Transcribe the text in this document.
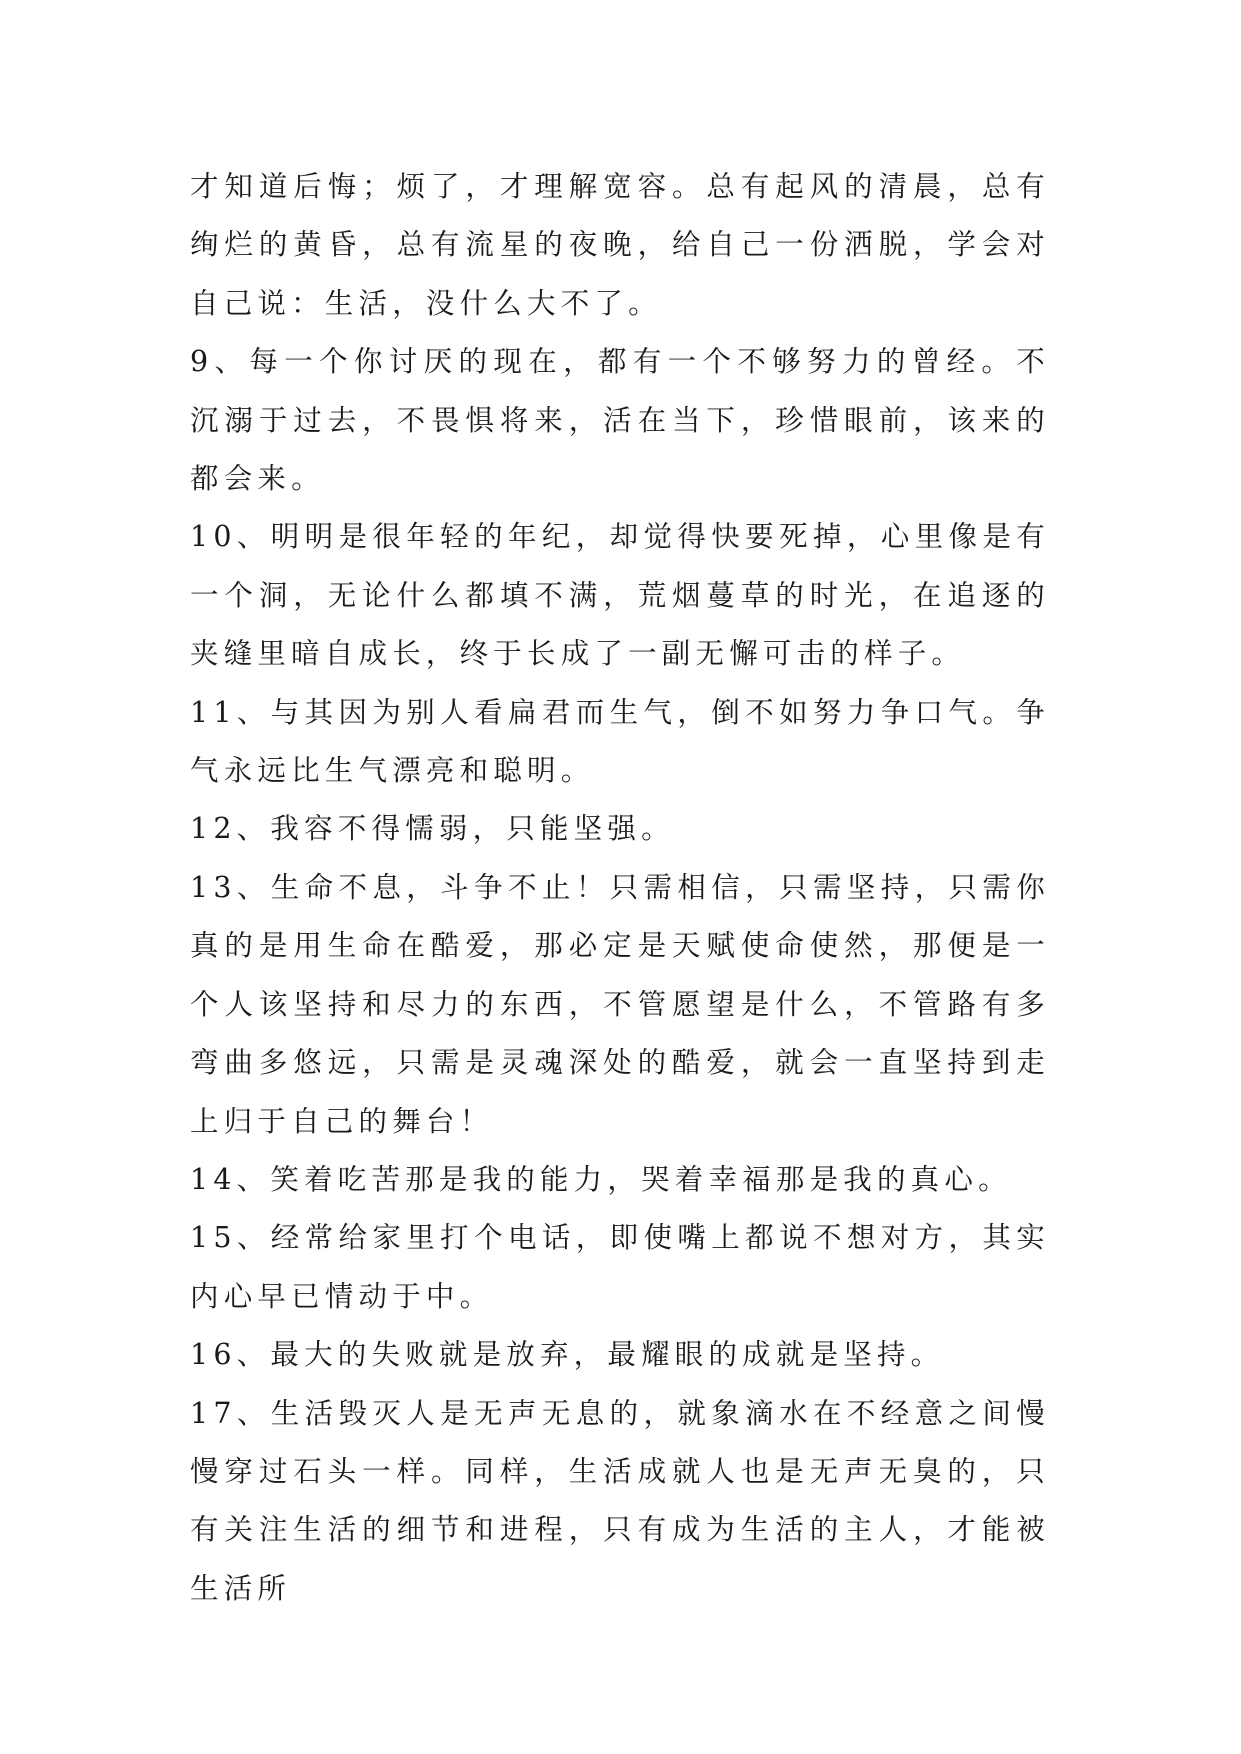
才知道后悔；烦了，才理解宽容。总有起风的清晨，总有绚烂的黄昏，总有流星的夜晚，给自己一份洒脱，学会对自己说：生活，没什么大不了。

9、每一个你讨厌的现在，都有一个不够努力的曾经。不沉溺于过去，不畏惧将来，活在当下，珍惜眼前，该来的都会来。

10、明明是很年轻的年纪，却觉得快要死掉，心里像是有一个洞，无论什么都填不满，荒烟蔓草的时光，在追逐的夹缝里暗自成长，终于长成了一副无懈可击的样子。

11、与其因为别人看扁君而生气，倒不如努力争口气。争气永远比生气漂亮和聪明。

12、我容不得懦弱，只能坚强。

13、生命不息，斗争不止！只需相信，只需坚持，只需你真的是用生命在酷爱，那必定是天赋使命使然，那便是一个人该坚持和尽力的东西，不管愿望是什么，不管路有多弯曲多悠远，只需是灵魂深处的酷爱，就会一直坚持到走上归于自己的舞台！

14、笑着吃苦那是我的能力，哭着幸福那是我的真心。

15、经常给家里打个电话，即使嘴上都说不想对方，其实内心早已情动于中。

16、最大的失败就是放弃，最耀眼的成就是坚持。

17、生活毁灭人是无声无息的，就象滴水在不经意之间慢慢穿过石头一样。同样，生活成就人也是无声无臭的，只有关注生活的细节和进程，只有成为生活的主人，才能被生活所
